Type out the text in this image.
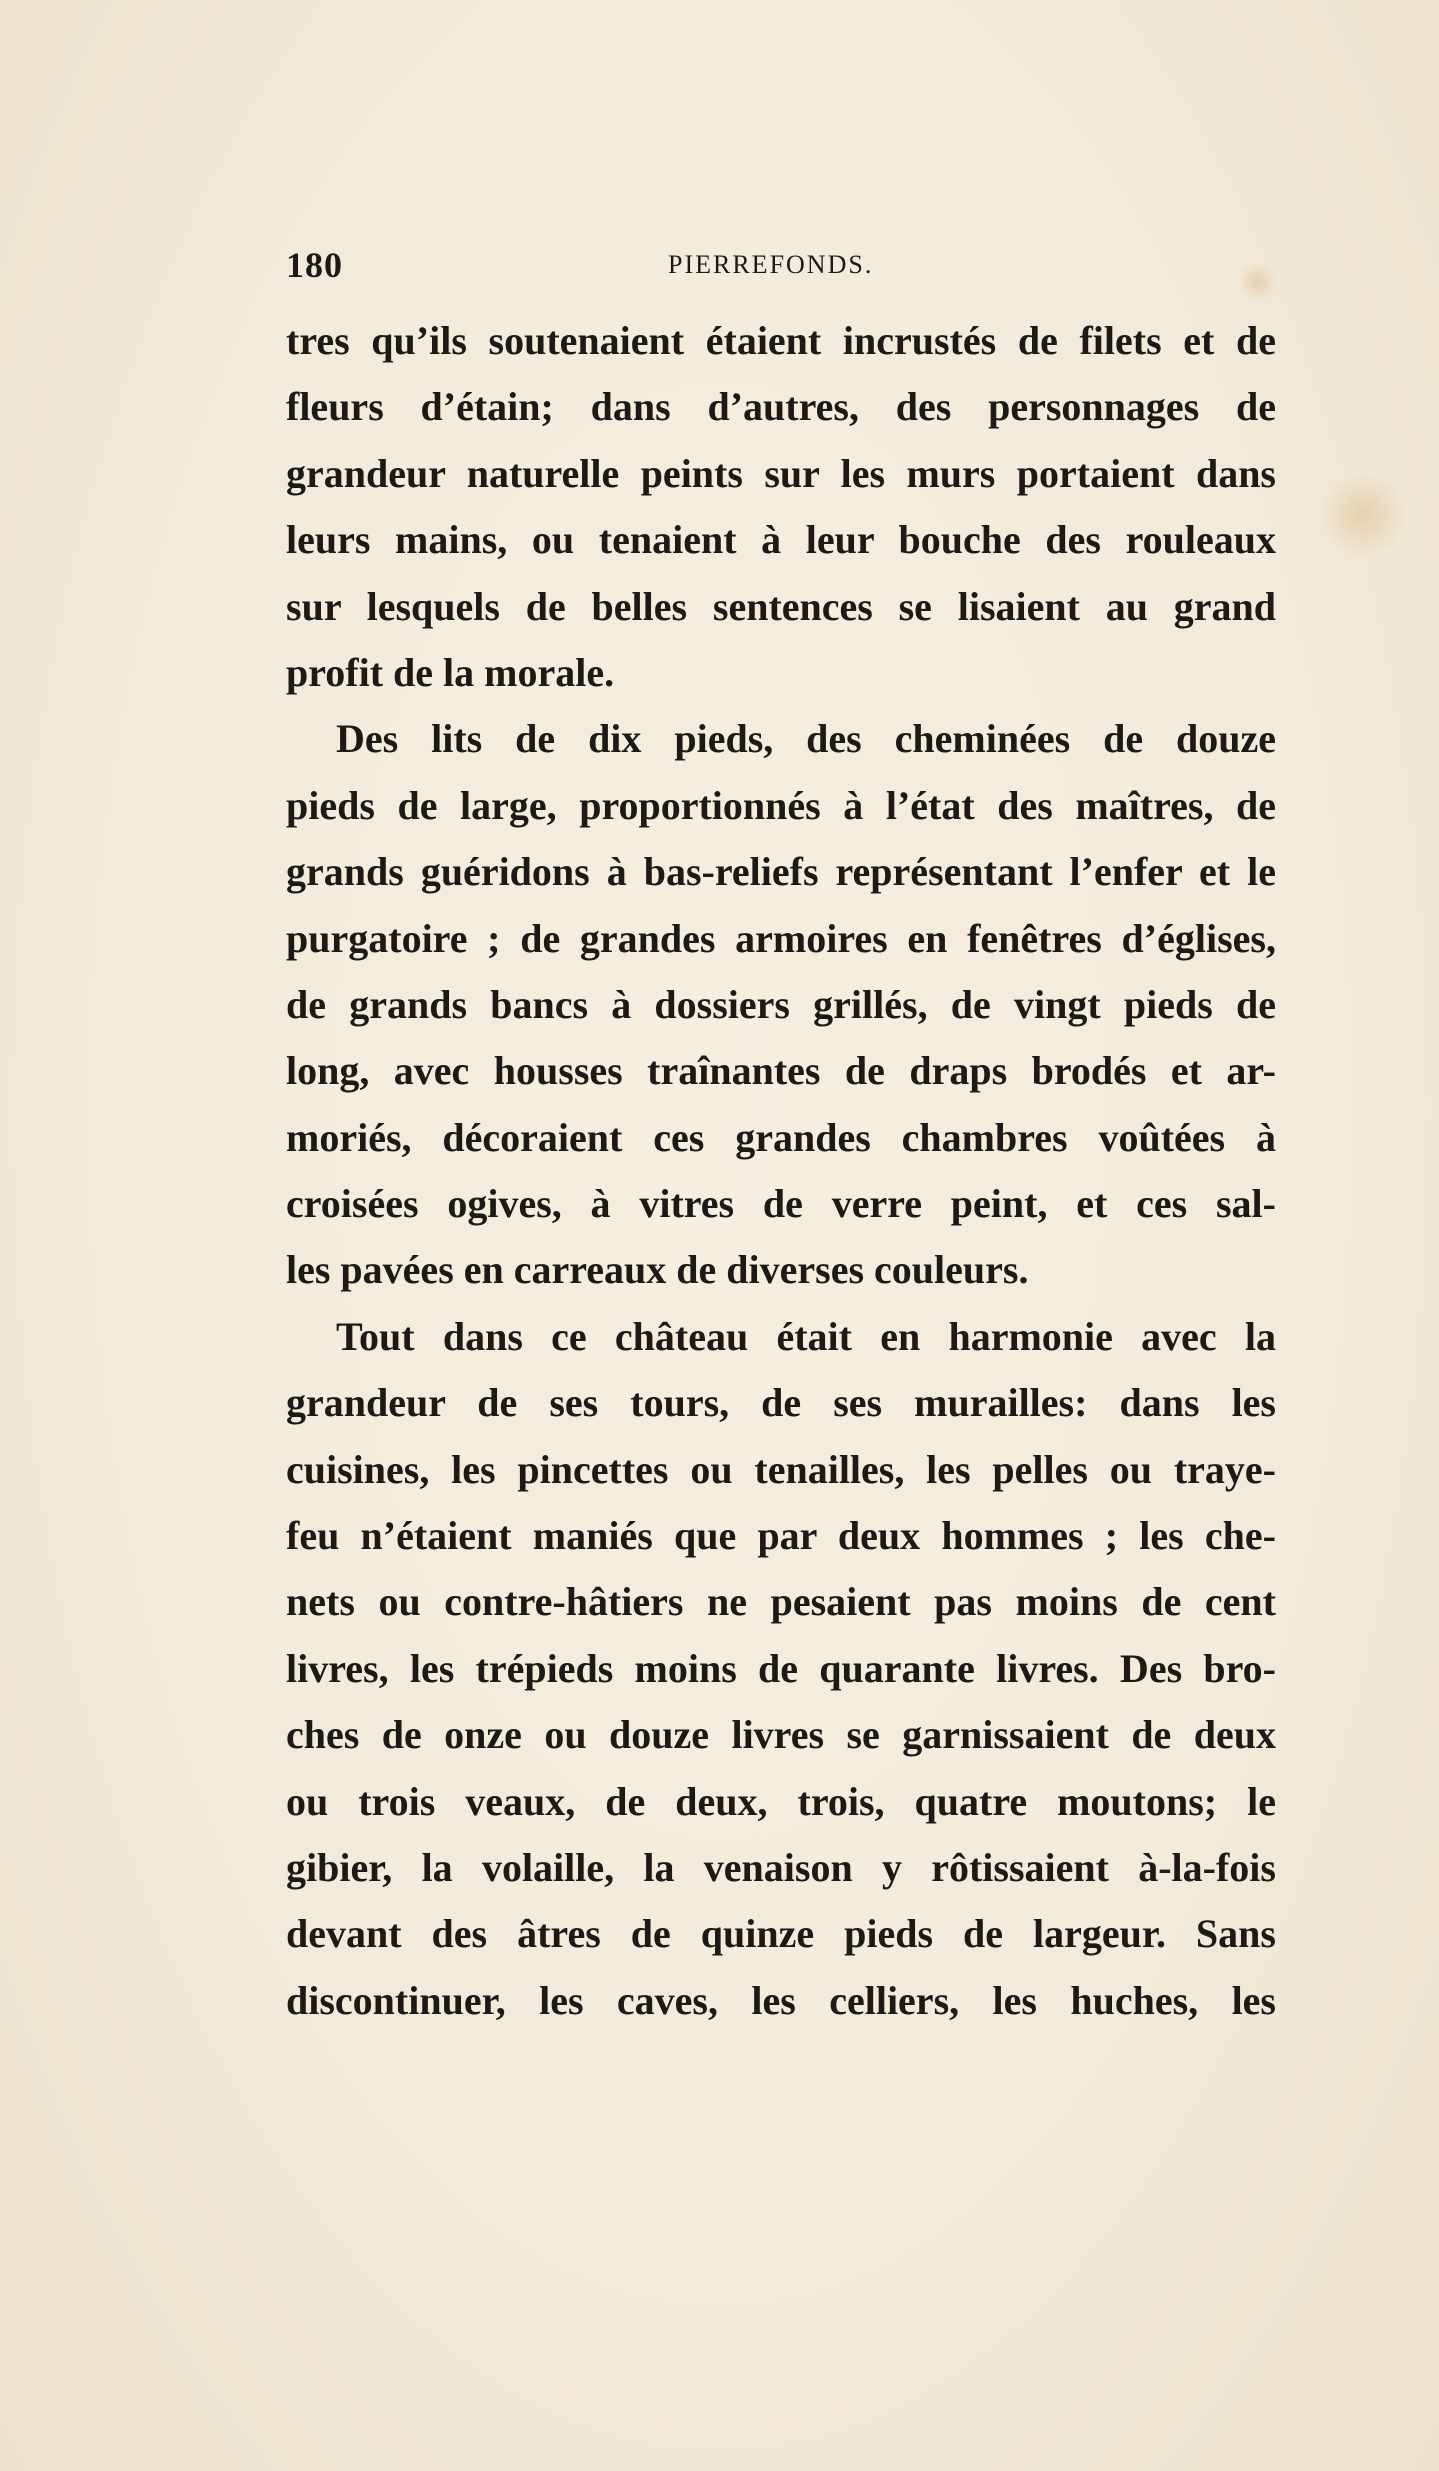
180	PIERREFONDS.
tres qu’ils soutenaient étaient incrustés de filets et de
fleurs d’étain; dans d’autres, des personnages de
grandeur naturelle peints sur les murs portaient dans
leurs mains, ou tenaient à leur bouche des rouleaux
sur lesquels de belles sentences se lisaient au grand
profit de la morale.
Des lits de dix pieds, des cheminées de douze
pieds de large, proportionnés à l’état des maîtres, de
grands guéridons à bas-reliefs représentant l’enfer et le
purgatoire ; de grandes armoires en fenêtres d’églises,
de grands bancs à dossiers grillés, de vingt pieds de
long, avec housses traînantes de draps brodés et ar-
moriés, décoraient ces grandes chambres voûtées à
croisées ogives, à vitres de verre peint, et ces sal-
les pavées en carreaux de diverses couleurs.
Tout dans ce château était en harmonie avec la
grandeur de ses tours, de ses murailles: dans les
cuisines, les pincettes ou tenailles, les pelles ou traye-
feu n’étaient maniés que par deux hommes ; les che-
nets ou contre-hâtiers ne pesaient pas moins de cent
livres, les trépieds moins de quarante livres. Des bro-
ches de onze ou douze livres se garnissaient de deux
ou trois veaux, de deux, trois, quatre moutons; le
gibier, la volaille, la venaison y rôtissaient à-la-fois
devant des âtres de quinze pieds de largeur. Sans
discontinuer, les caves, les celliers, les huches, les
